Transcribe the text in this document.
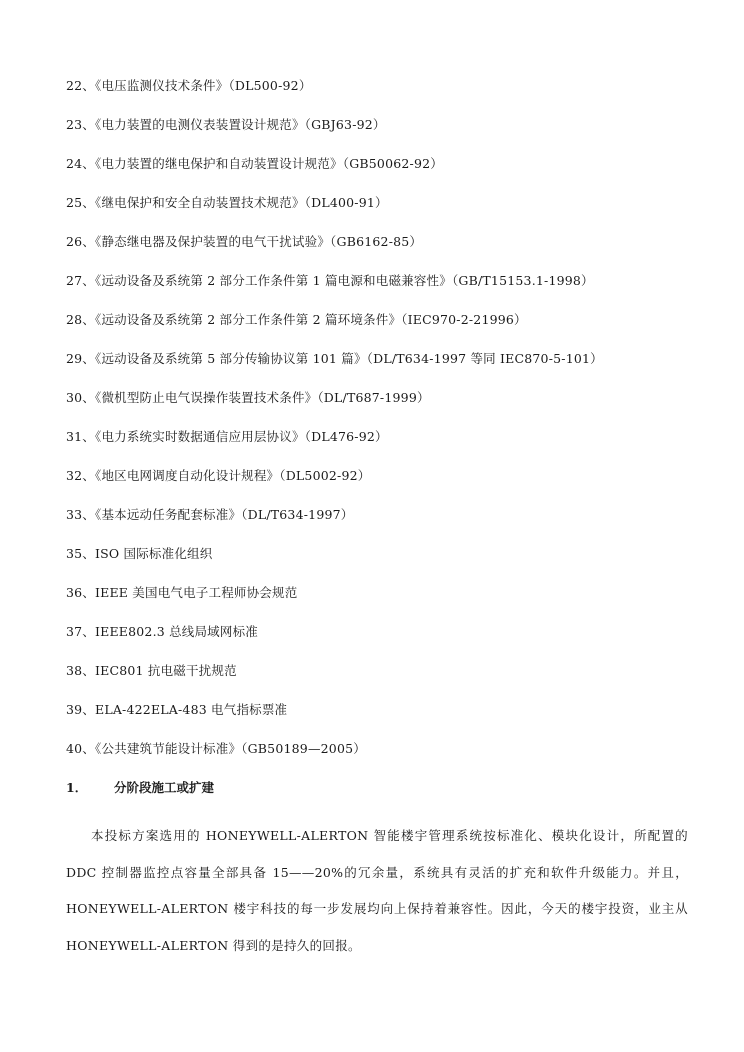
22、《电压监测仪技术条件》（DL500-92）
23、《电力装置的电测仪表装置设计规范》（GBJ63-92）
24、《电力装置的继电保护和自动装置设计规范》（GB50062-92）
25、《继电保护和安全自动装置技术规范》（DL400-91）
26、《静态继电器及保护装置的电气干扰试验》（GB6162-85）
27、《远动设备及系统第 2 部分工作条件第 1 篇电源和电磁兼容性》（GB/T15153.1-1998）
28、《远动设备及系统第 2 部分工作条件第 2 篇环境条件》（IEC970-2-21996）
29、《远动设备及系统第 5 部分传输协议第 101 篇》（DL/T634-1997 等同 IEC870-5-101）
30、《微机型防止电气误操作装置技术条件》（DL/T687-1999）
31、《电力系统实时数据通信应用层协议》（DL476-92）
32、《地区电网调度自动化设计规程》（DL5002-92）
33、《基本远动任务配套标准》（DL/T634-1997）
35、ISO 国际标准化组织
36、IEEE 美国电气电子工程师协会规范
37、IEEE802.3 总线局域网标准
38、IEC801 抗电磁干扰规范
39、ELA-422ELA-483 电气指标票准
40、《公共建筑节能设计标准》（GB50189—2005）
1． 分阶段施工或扩建

本投标方案选用的 HONEYWELL-ALERTON 智能楼宇管理系统按标准化、模块化设计，所配置的 DDC 控制器监控点容量全部具备 15——20%的冗余量，系统具有灵活的扩充和软件升级能力。并且，HONEYWELL-ALERTON 楼宇科技的每一步发展均向上保持着兼容性。因此，今天的楼宇投资，业主从 HONEYWELL-ALERTON 得到的是持久的回报。
